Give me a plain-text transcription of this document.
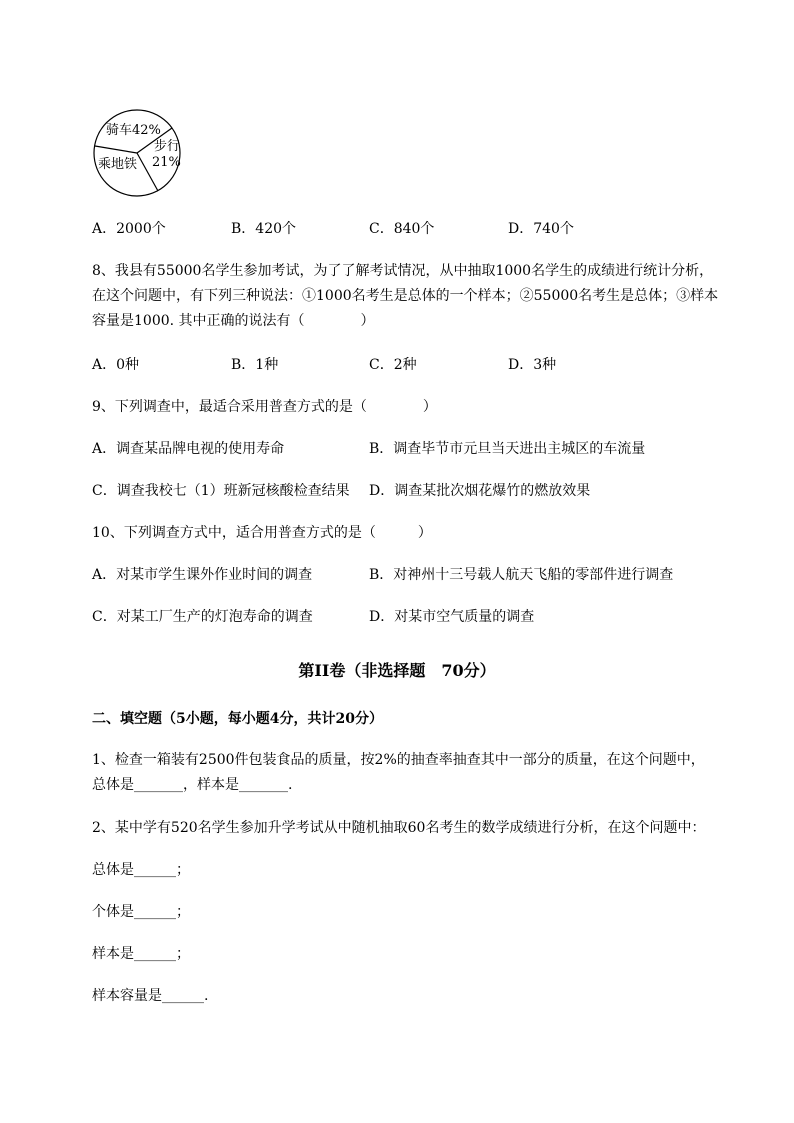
骑车42%
步行
21%
乘地铁
A．2000个	B．420个	C．840个	D．740个
8、我县有55000名学生参加考试，为了了解考试情况，从中抽取1000名学生的成绩进行统计分析，
在这个问题中，有下列三种说法：①1000名考生是总体的一个样本；②55000名考生是总体；③样本
容量是1000. 其中正确的说法有（　　　　）
A．0种	B．1种	C．2种	D．3种
9、下列调查中，最适合采用普查方式的是（　　　　）
A．调查某品牌电视的使用寿命	B．调查毕节市元旦当天进出主城区的车流量
C．调查我校七（1）班新冠核酸检查结果 D．调查某批次烟花爆竹的燃放效果
10、下列调查方式中，适合用普查方式的是（　　　）
A．对某市学生课外作业时间的调查	B．对神州十三号载人航天飞船的零部件进行调查
C．对某工厂生产的灯泡寿命的调查	D．对某市空气质量的调查
第II卷（非选择题　70分）
二、填空题（5小题，每小题4分，共计20分）
1、检查一箱装有2500件包装食品的质量，按2%的抽查率抽查其中一部分的质量，在这个问题中，
总体是_______，样本是_______.
2、某中学有520名学生参加升学考试从中随机抽取60名考生的数学成绩进行分析，在这个问题中：
总体是______；
个体是______；
样本是______；
样本容量是______.
